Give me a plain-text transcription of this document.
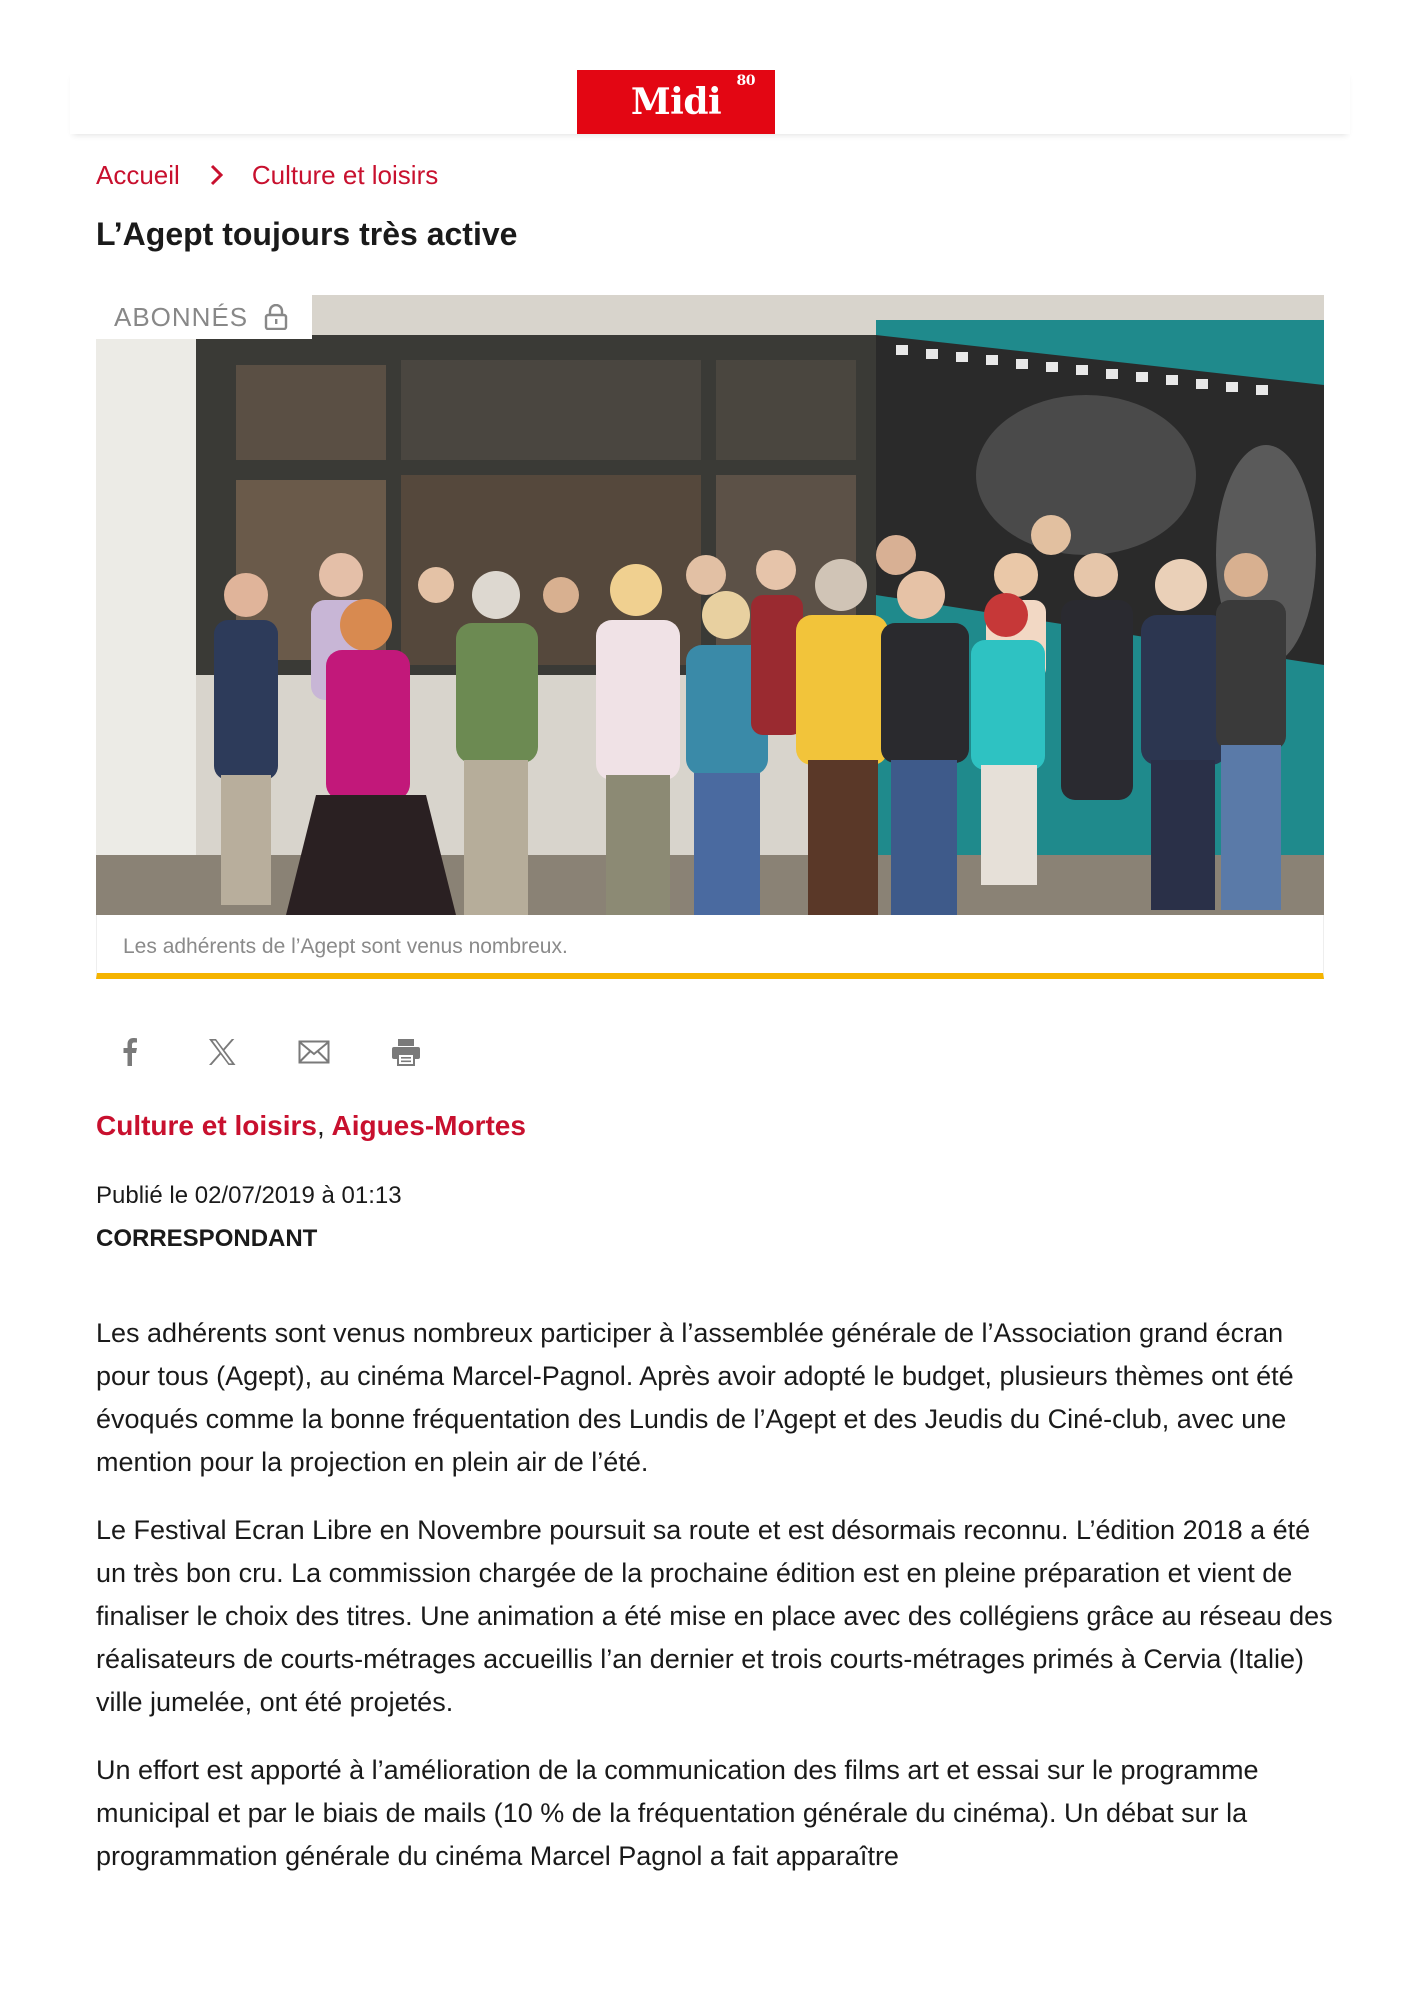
Midi Libre
80
Accueil	Culture et loisirs
L’Agept toujours très active
ABONNÉS
Les adhérents de l’Agept sont venus nombreux.
Culture et loisirs, Aigues-Mortes
Publié le 02/07/2019 à 01:13
CORRESPONDANT

Les adhérents sont venus nombreux participer à l’assemblée générale de l’Association grand écran pour tous (Agept), au cinéma Marcel-Pagnol. Après avoir adopté le budget, plusieurs thèmes ont été évoqués comme la bonne fréquentation des Lundis de l’Agept et des Jeudis du Ciné-club, avec une mention pour la projection en plein air de l’été.

Le Festival Ecran Libre en Novembre poursuit sa route et est désormais reconnu. L’édition 2018 a été un très bon cru. La commission chargée de la prochaine édition est en pleine préparation et vient de finaliser le choix des titres. Une animation a été mise en place avec des collégiens grâce au réseau des réalisateurs de courts-métrages accueillis l’an dernier et trois courts-métrages primés à Cervia (Italie) ville jumelée, ont été projetés.

Un effort est apporté à l’amélioration de la communication des films art et essai sur le programme municipal et par le biais de mails (10 % de la fréquentation générale du cinéma). Un débat sur la programmation générale du cinéma Marcel Pagnol a fait apparaître
